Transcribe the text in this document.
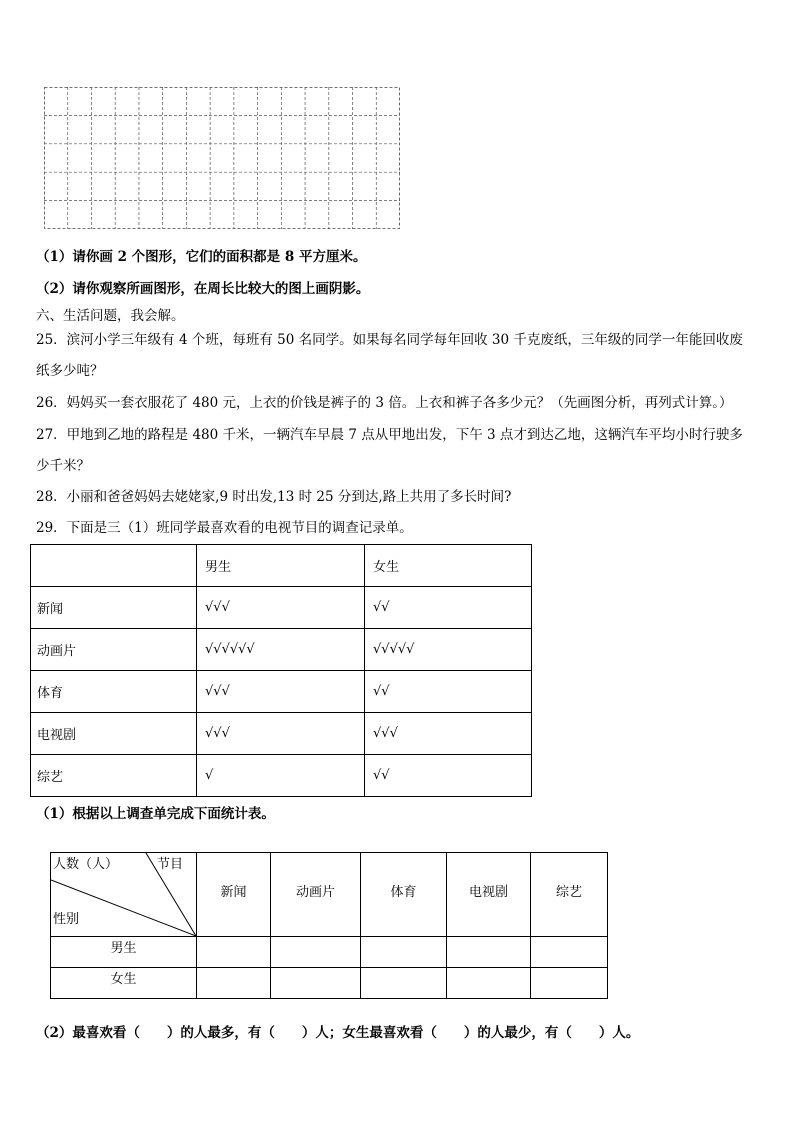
（1）请你画 2 个图形，它们的面积都是 8 平方厘米。
（2）请你观察所画图形，在周长比较大的图上画阴影。
六、生活问题，我会解。
25．滨河小学三年级有 4 个班，每班有 50 名同学。如果每名同学每年回收 30 千克废纸，三年级的同学一年能回收废
纸多少吨？
26．妈妈买一套衣服花了 480 元，上衣的价钱是裤子的 3 倍。上衣和裤子各多少元？（先画图分析，再列式计算。）
27．甲地到乙地的路程是 480 千米，一辆汽车早晨 7 点从甲地出发，下午 3 点才到达乙地，这辆汽车平均小时行驶多
少千米？
28．小丽和爸爸妈妈去姥姥家,9 时出发,13 时 25 分到达,路上共用了多长时间?
29．下面是三（1）班同学最喜欢看的电视节目的调查记录单。
	男生	女生
新闻	√√√	√√
动画片	√√√√√√	√√√√√
体育	√√√	√√
电视剧	√√√	√√√
综艺	√	√√
（1）根据以上调查单完成下面统计表。
人数（人） 节目
性别	新闻	动画片	体育	电视剧	综艺
男生					
女生					
（2）最喜欢看（　　）的人最多，有（　　）人；女生最喜欢看（　　）的人最少，有（　　）人。
